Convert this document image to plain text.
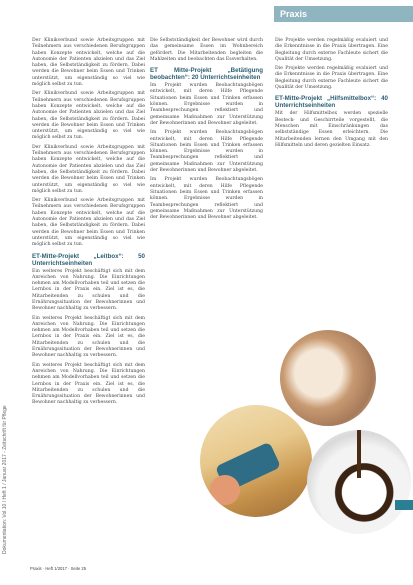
Praxis
Dokumentation: Vol.10 / Heft 1 / Januar 2017 - Zeitschrift für Pflege

Der Klinikverbund sowie Arbeitsgruppen mit Teilnehmern aus verschiedenen Berufsgruppen haben Konzepte entwickelt, welche auf die Autonomie der Patienten abzielen und das Ziel haben, die Selbstständigkeit zu fördern. Dabei werden die Bewohner beim Essen und Trinken unterstützt, um eigenständig so viel wie möglich selbst zu tun.

Der Klinikverbund sowie Arbeitsgruppen mit Teilnehmern aus verschiedenen Berufsgruppen haben Konzepte entwickelt, welche auf die Autonomie der Patienten abzielen und das Ziel haben, die Selbstständigkeit zu fördern. Dabei werden die Bewohner beim Essen und Trinken unterstützt, um eigenständig so viel wie möglich selbst zu tun.

Der Klinikverbund sowie Arbeitsgruppen mit Teilnehmern aus verschiedenen Berufsgruppen haben Konzepte entwickelt, welche auf die Autonomie der Patienten abzielen und das Ziel haben, die Selbstständigkeit zu fördern. Dabei werden die Bewohner beim Essen und Trinken unterstützt, um eigenständig so viel wie möglich selbst zu tun.

Der Klinikverbund sowie Arbeitsgruppen mit Teilnehmern aus verschiedenen Berufsgruppen haben Konzepte entwickelt, welche auf die Autonomie der Patienten abzielen und das Ziel haben, die Selbstständigkeit zu fördern. Dabei werden die Bewohner beim Essen und Trinken unterstützt, um eigenständig so viel wie möglich selbst zu tun.

ET-Mitte-Projekt „Leitbox“: 50 Unterrichtseinheiten

Ein weiteres Projekt beschäftigt sich mit dem Anreichen von Nahrung. Die Einrichtungen nehmen am Modellvorhaben teil und setzen die Lernbox in der Praxis ein. Ziel ist es, die Mitarbeitenden zu schulen und die Ernährungssituation der Bewohnerinnen und Bewohner nachhaltig zu verbessern.

Ein weiteres Projekt beschäftigt sich mit dem Anreichen von Nahrung. Die Einrichtungen nehmen am Modellvorhaben teil und setzen die Lernbox in der Praxis ein. Ziel ist es, die Mitarbeitenden zu schulen und die Ernährungssituation der Bewohnerinnen und Bewohner nachhaltig zu verbessern.

Ein weiteres Projekt beschäftigt sich mit dem Anreichen von Nahrung. Die Einrichtungen nehmen am Modellvorhaben teil und setzen die Lernbox in der Praxis ein. Ziel ist es, die Mitarbeitenden zu schulen und die Ernährungssituation der Bewohnerinnen und Bewohner nachhaltig zu verbessern.

Die Selbstständigkeit der Bewohner wird durch das gemeinsame Essen im Wohnbereich gefördert. Die Mitarbeitenden begleiten die Mahlzeiten und beobachten das Essverhalten.

ET Mitte-Projekt „Betätigung beobachten“: 20 Unterrichtseinheiten

Im Projekt wurden Beobachtungsbögen entwickelt, mit deren Hilfe Pflegende Situationen beim Essen und Trinken erfassen können. Ergebnisse wurden in Teambesprechungen reflektiert und gemeinsame Maßnahmen zur Unterstützung der Bewohnerinnen und Bewohner abgeleitet.

Im Projekt wurden Beobachtungsbögen entwickelt, mit deren Hilfe Pflegende Situationen beim Essen und Trinken erfassen können. Ergebnisse wurden in Teambesprechungen reflektiert und gemeinsame Maßnahmen zur Unterstützung der Bewohnerinnen und Bewohner abgeleitet.

Im Projekt wurden Beobachtungsbögen entwickelt, mit deren Hilfe Pflegende Situationen beim Essen und Trinken erfassen können. Ergebnisse wurden in Teambesprechungen reflektiert und gemeinsame Maßnahmen zur Unterstützung der Bewohnerinnen und Bewohner abgeleitet.

Die Projekte werden regelmäßig evaluiert und die Erkenntnisse in die Praxis übertragen. Eine Begleitung durch externe Fachleute sichert die Qualität der Umsetzung.

Die Projekte werden regelmäßig evaluiert und die Erkenntnisse in die Praxis übertragen. Eine Begleitung durch externe Fachleute sichert die Qualität der Umsetzung.

ET-Mitte-Projekt „Hilfsmittelbox“: 40 Unterrichtseinheiten

Mit der Hilfsmittelbox werden spezielle Besteck- und Geschirrteile vorgestellt, die Menschen mit Einschränkungen das selbstständige Essen erleichtern. Die Mitarbeitenden lernen den Umgang mit den Hilfsmitteln und deren gezielten Einsatz.

Praxis · Heft 1/2017 · Seite 25
